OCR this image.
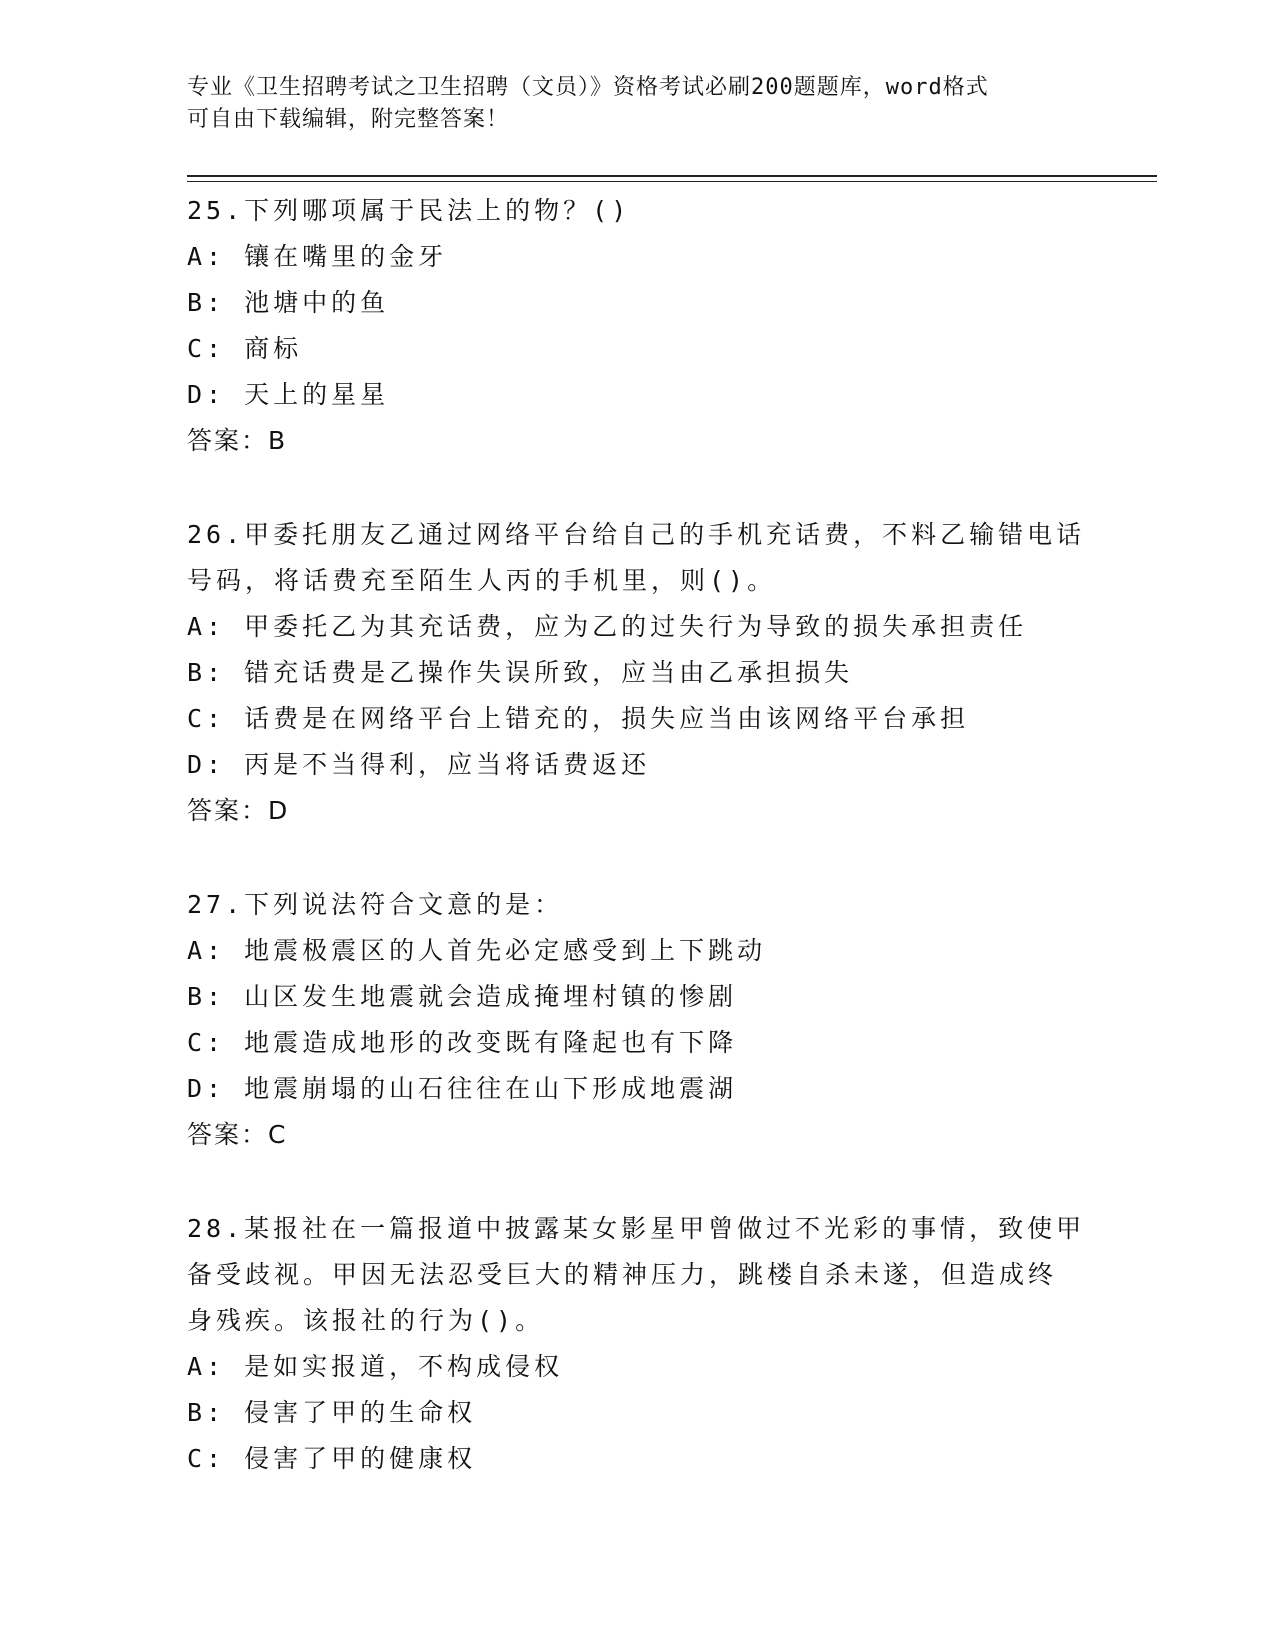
专业《卫生招聘考试之卫生招聘（文员）》资格考试必刷200题题库，word格式
可自由下载编辑，附完整答案！
25.下列哪项属于民法上的物？()
A: 镶在嘴里的金牙
B: 池塘中的鱼
C: 商标
D: 天上的星星
答案：B
26.甲委托朋友乙通过网络平台给自己的手机充话费，不料乙输错电话
号码，将话费充至陌生人丙的手机里，则()。
A: 甲委托乙为其充话费，应为乙的过失行为导致的损失承担责任
B: 错充话费是乙操作失误所致，应当由乙承担损失
C: 话费是在网络平台上错充的，损失应当由该网络平台承担
D: 丙是不当得利，应当将话费返还
答案：D
27.下列说法符合文意的是：
A: 地震极震区的人首先必定感受到上下跳动
B: 山区发生地震就会造成掩埋村镇的惨剧
C: 地震造成地形的改变既有隆起也有下降
D: 地震崩塌的山石往往在山下形成地震湖
答案：C
28.某报社在一篇报道中披露某女影星甲曾做过不光彩的事情，致使甲
备受歧视。甲因无法忍受巨大的精神压力，跳楼自杀未遂，但造成终
身残疾。该报社的行为()。
A: 是如实报道，不构成侵权
B: 侵害了甲的生命权
C: 侵害了甲的健康权
